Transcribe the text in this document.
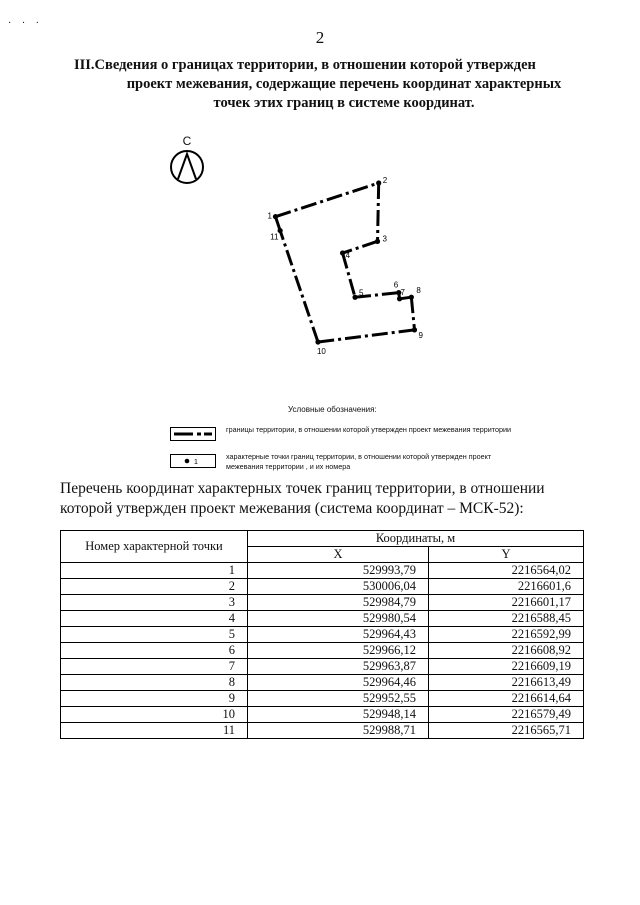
· · ·
2
III.Сведения о границах территории, в отношении которой утвержден
проект межевания, содержащие перечень координат характерных
точек этих границ в системе координат.
С
1
2
3
4
5
6
7 8
9
10
11
Условные обозначения:
границы территории, в отношении которой утвержден проект межевания территории
1
характерные точки границ территории, в отношении которой утвержден проект межевания территории , и их номера
Перечень координат характерных точек границ территории, в отношении которой утвержден проект межевания (система координат – МСК-52):
Номер характерной точки	Координаты, м	
	X	Y
1	529993,79	2216564,02
2	530006,04	2216601,6
3	529984,79	2216601,17
4	529980,54	2216588,45
5	529964,43	2216592,99
6	529966,12	2216608,92
7	529963,87	2216609,19
8	529964,46	2216613,49
9	529952,55	2216614,64
10	529948,14	2216579,49
11	529988,71	2216565,71
